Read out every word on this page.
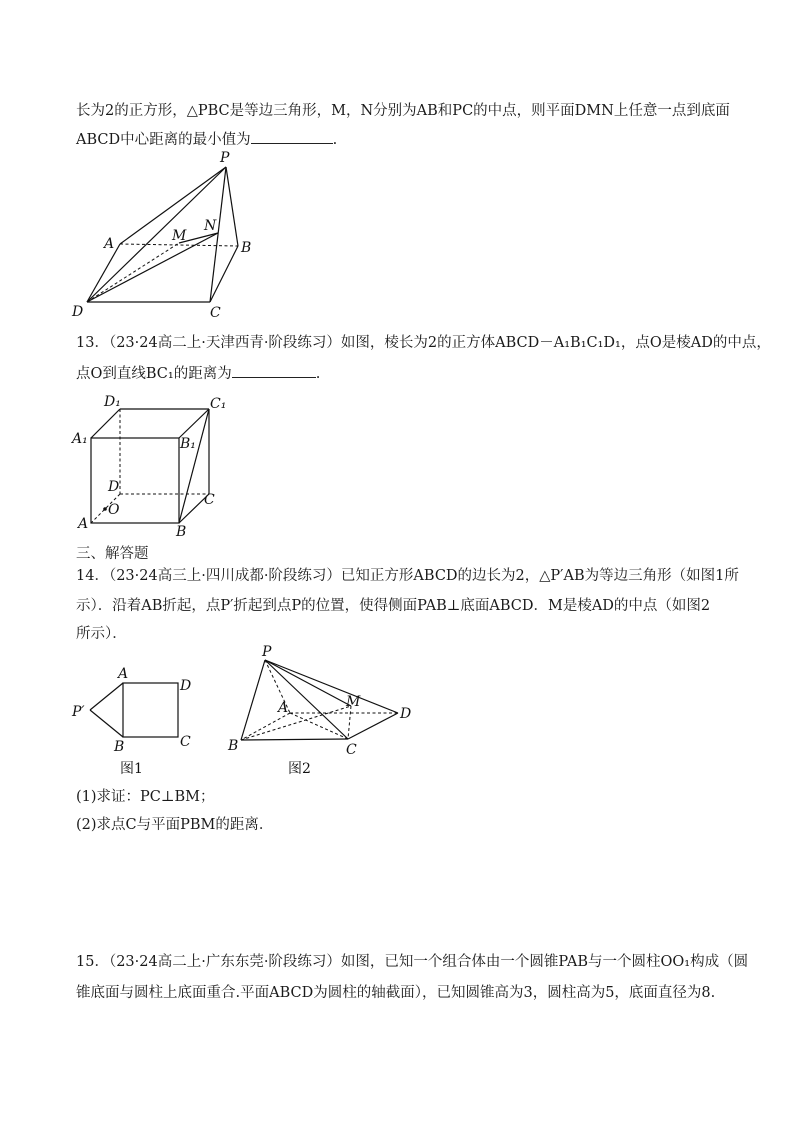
长为2的正方形，△PBC是等边三角形，M，N分别为AB和PC的中点，则平面DMN上任意一点到底面
ABCD中心距离的最小值为	.
P
A	M
N
B
D	C
13．（23·24高二上·天津西青·阶段练习）如图，棱长为2的正方体ABCD－A₁B₁C₁D₁，点O是棱AD的中点，
点O到直线BC₁的距离为	.
D₁	C₁
A₁	B₁
D
C
A
O
B
三、解答题
14．（23·24高三上·四川成都·阶段练习）已知正方形ABCD的边长为2，△P′AB为等边三角形（如图1所
示）．沿着AB折起，点P′折起到点P的位置，使得侧面PAB⊥底面ABCD．M是棱AD的中点（如图2
所示）．
A
D
P′
B	C
图1
P
A	M
D
B	C
图2
(1)求证：PC⊥BM；
(2)求点C与平面PBM的距离．
15．（23·24高二上·广东东莞·阶段练习）如图，已知一个组合体由一个圆锥PAB与一个圆柱OO₁构成（圆
锥底面与圆柱上底面重合.平面ABCD为圆柱的轴截面），已知圆锥高为3，圆柱高为5，底面直径为8.
